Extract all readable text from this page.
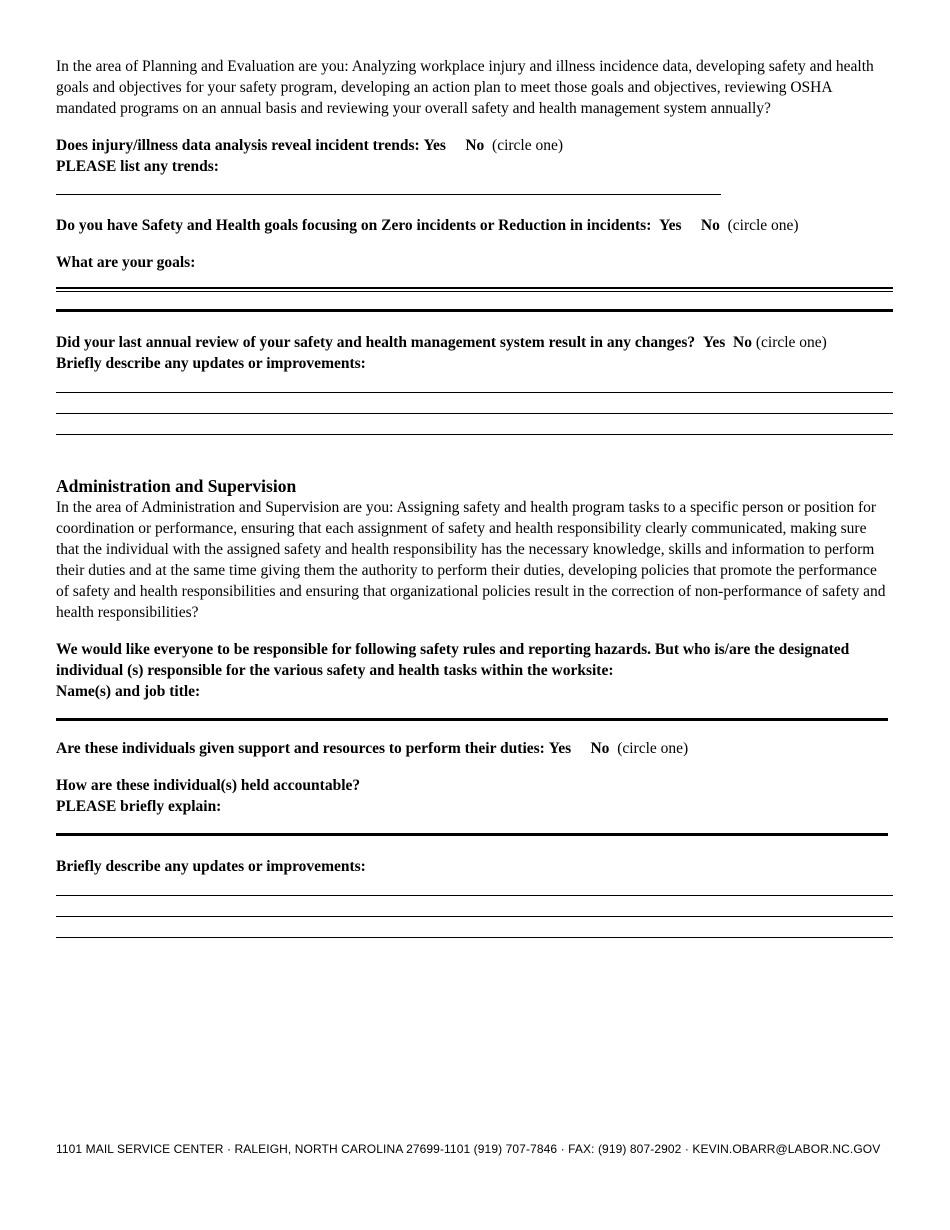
In the area of Planning and Evaluation are you: Analyzing workplace injury and illness incidence data, developing safety and health goals and objectives for your safety program, developing an action plan to meet those goals and objectives, reviewing OSHA mandated programs on an annual basis and reviewing your overall safety and health management system annually?

Does injury/illness data analysis reveal incident trends: Yes No (circle one)

PLEASE list any trends:

Do you have Safety and Health goals focusing on Zero incidents or Reduction in incidents: Yes No (circle one)

What are your goals:

Did your last annual review of your safety and health management system result in any changes? Yes No (circle one)

Briefly describe any updates or improvements:

Administration and Supervision

In the area of Administration and Supervision are you: Assigning safety and health program tasks to a specific person or position for coordination or performance, ensuring that each assignment of safety and health responsibility clearly communicated, making sure that the individual with the assigned safety and health responsibility has the necessary knowledge, skills and information to perform their duties and at the same time giving them the authority to perform their duties, developing policies that promote the performance of safety and health responsibilities and ensuring that organizational policies result in the correction of non-performance of safety and health responsibilities?

We would like everyone to be responsible for following safety rules and reporting hazards. But who is/are the designated individual (s) responsible for the various safety and health tasks within the worksite:

Name(s) and job title:

Are these individuals given support and resources to perform their duties: Yes No (circle one)

How are these individual(s) held accountable?

PLEASE briefly explain:

Briefly describe any updates or improvements:

1101 MAIL SERVICE CENTER · RALEIGH, NORTH CAROLINA 27699-1101 (919) 707-7846 · FAX: (919) 807-2902 · KEVIN.OBARR@LABOR.NC.GOV
